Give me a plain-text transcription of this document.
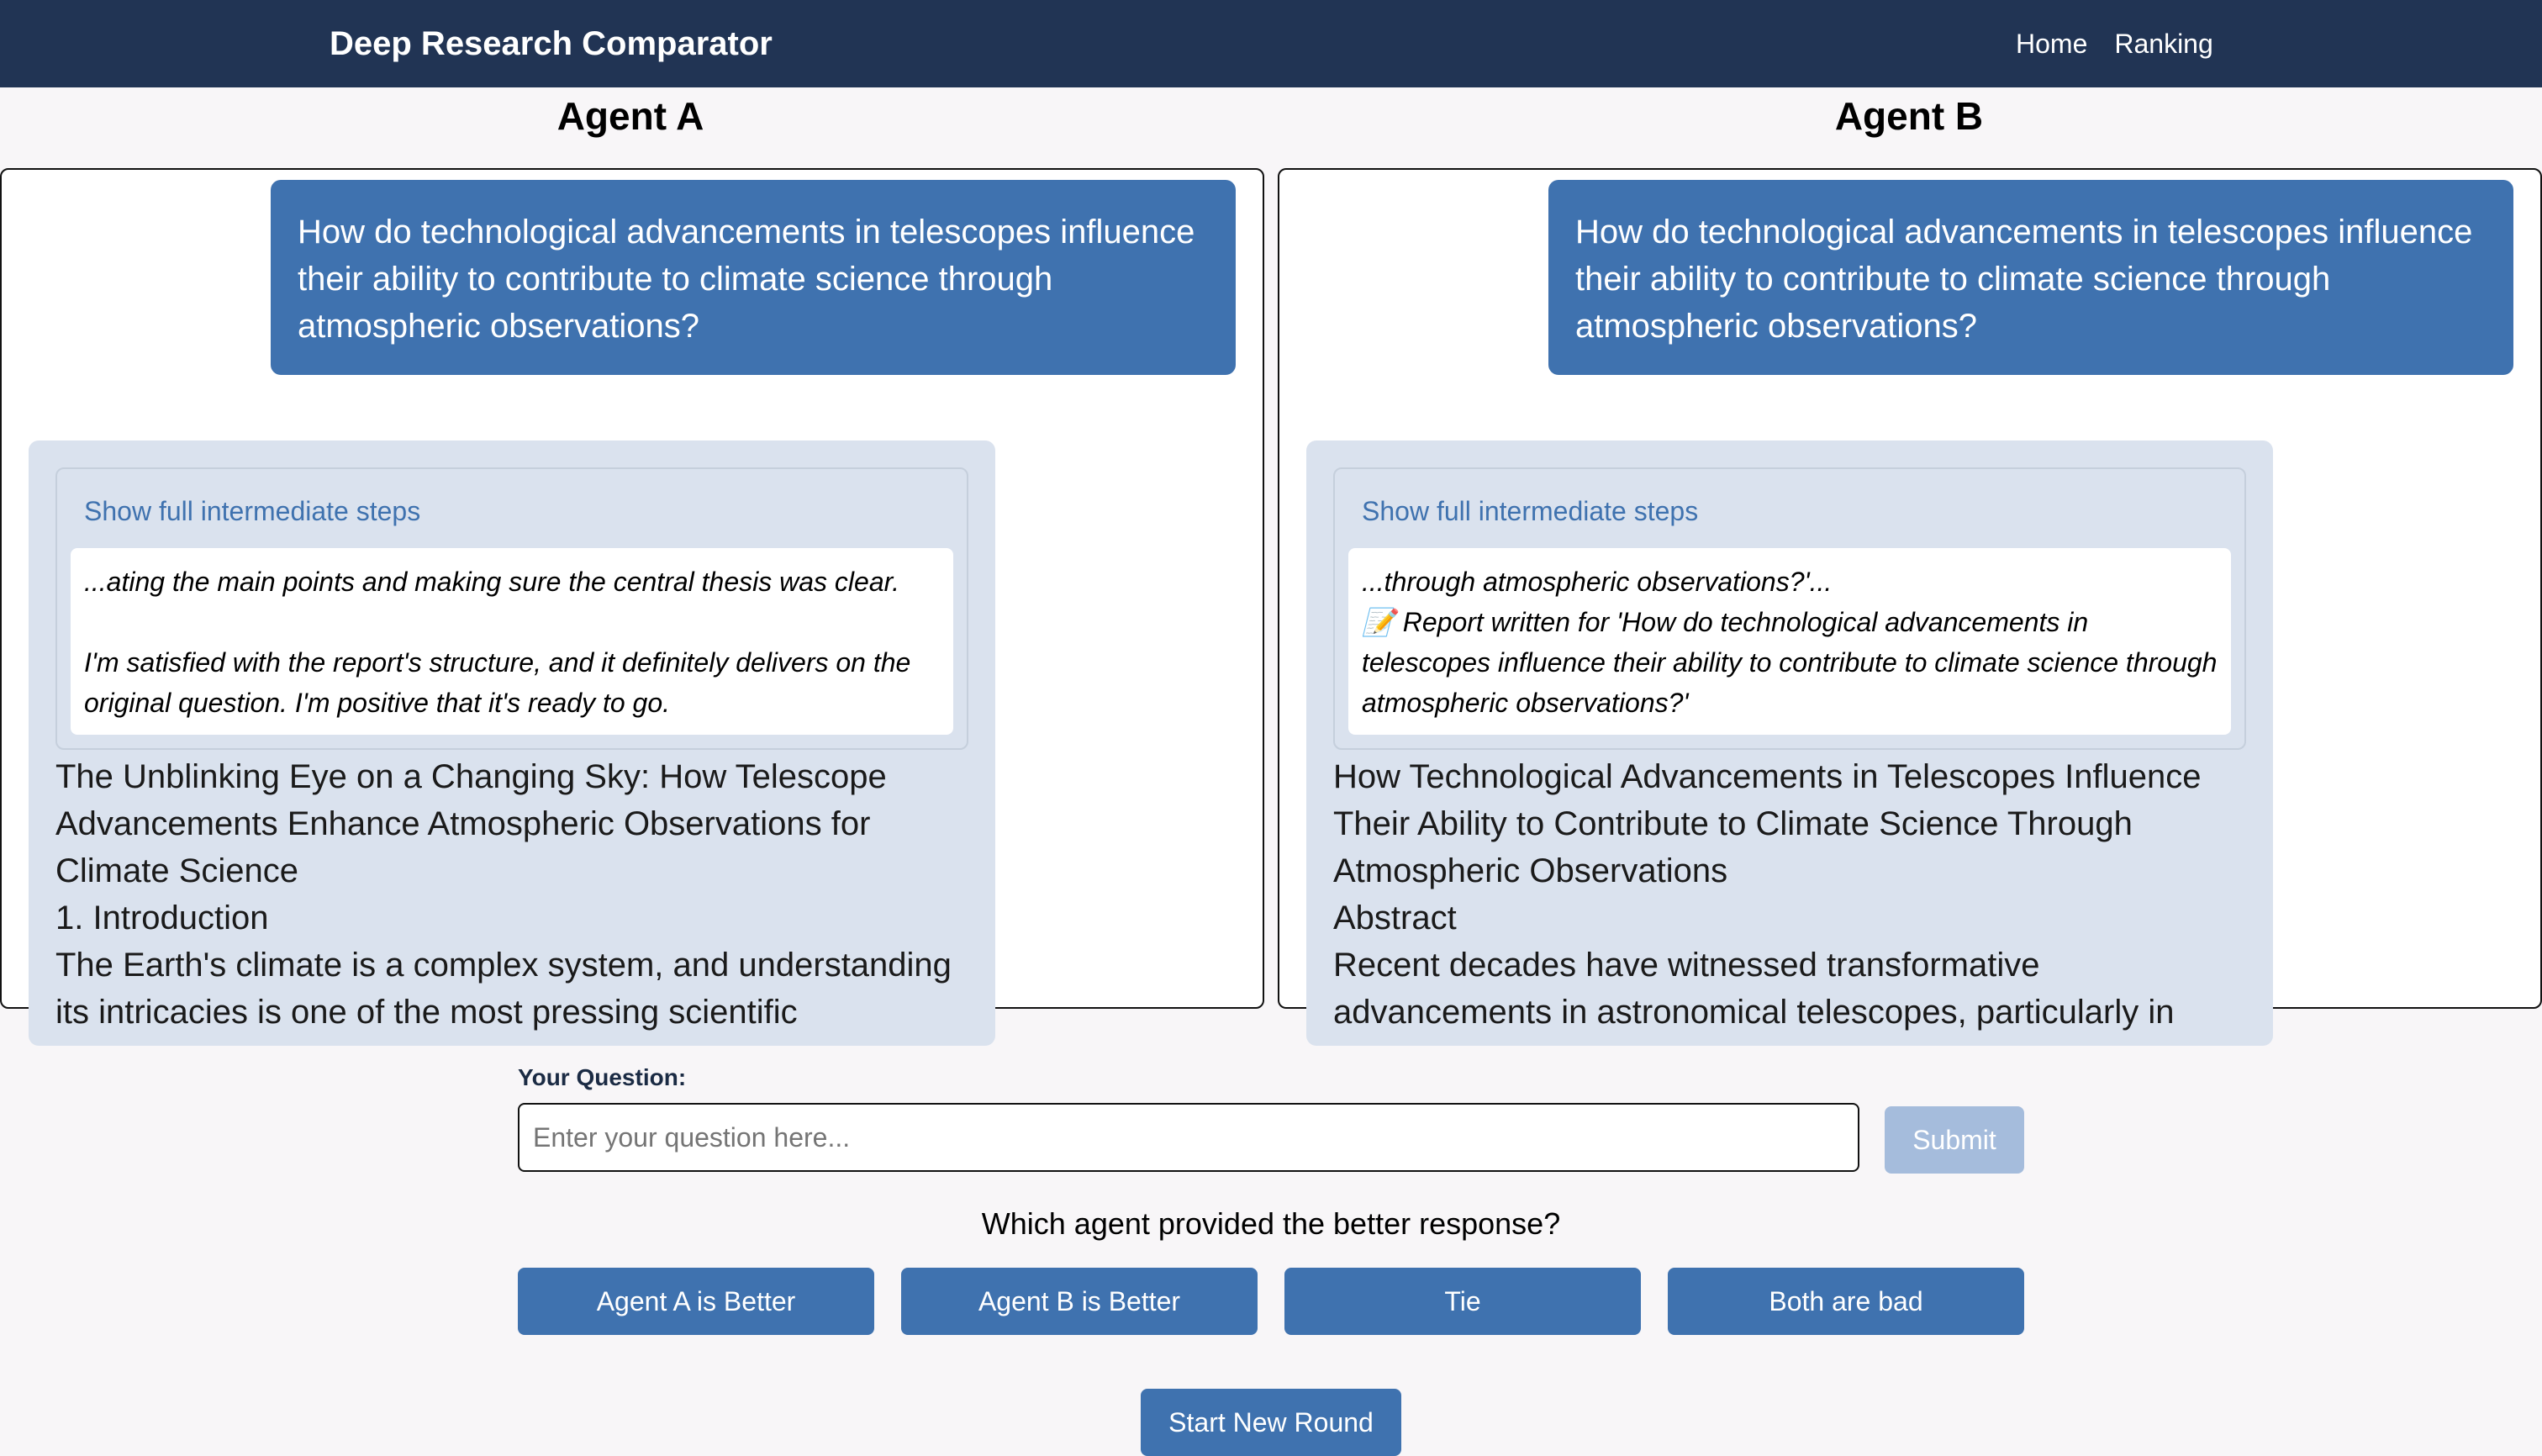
Deep Research Comparator	Home Ranking
Agent A	Agent B
How do technological advancements in telescopes influence their ability to contribute to climate science through atmospheric observations?
Show full intermediate steps

...ating the main points and making sure the central thesis was clear.

I'm satisfied with the report's structure, and it definitely delivers on the original question. I'm positive that it's ready to go.

The Unblinking Eye on a Changing Sky: How Telescope Advancements Enhance Atmospheric Observations for Climate Science
1. Introduction
The Earth's climate is a complex system, and understanding its intricacies is one of the most pressing scientific
How do technological advancements in telescopes influence their ability to contribute to climate science through atmospheric observations?
Show full intermediate steps

...through atmospheric observations?'...

📝 Report written for 'How do technological advancements in telescopes influence their ability to contribute to climate science through atmospheric observations?'

How Technological Advancements in Telescopes Influence Their Ability to Contribute to Climate Science Through Atmospheric Observations
Abstract
Recent decades have witnessed transformative advancements in astronomical telescopes, particularly in
Your Question:
Enter your question here...
Submit
Which agent provided the better response?
Agent A is Better	Agent B is Better	Tie	Both are bad
Start New Round
